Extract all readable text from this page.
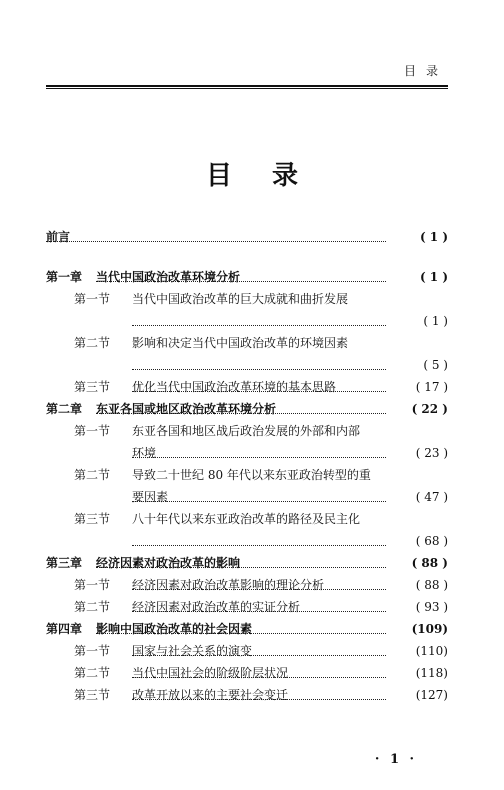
目录
目录
前言	( 1 )
第一章 当代中国政治改革环境分析	( 1 )
第一节 当代中国政治改革的巨大成就和曲折发展
( 1 )
第二节 影响和决定当代中国政治改革的环境因素
( 5 )
第三节 优化当代中国政治改革环境的基本思路	( 17 )
第二章 东亚各国或地区政治改革环境分析	( 22 )
第一节 东亚各国和地区战后政治发展的外部和内部
环境	( 23 )
第二节 导致二十世纪 80 年代以来东亚政治转型的重
要因素	( 47 )
第三节 八十年代以来东亚政治改革的路径及民主化
( 68 )
第三章 经济因素对政治改革的影响	( 88 )
第一节 经济因素对政治改革影响的理论分析	( 88 )
第二节 经济因素对政治改革的实证分析	( 93 )
第四章 影响中国政治改革的社会因素	(109)
第一节 国家与社会关系的演变	(110)
第二节 当代中国社会的阶级阶层状况	(118)
第三节 改革开放以来的主要社会变迁	(127)
· 1 ·
